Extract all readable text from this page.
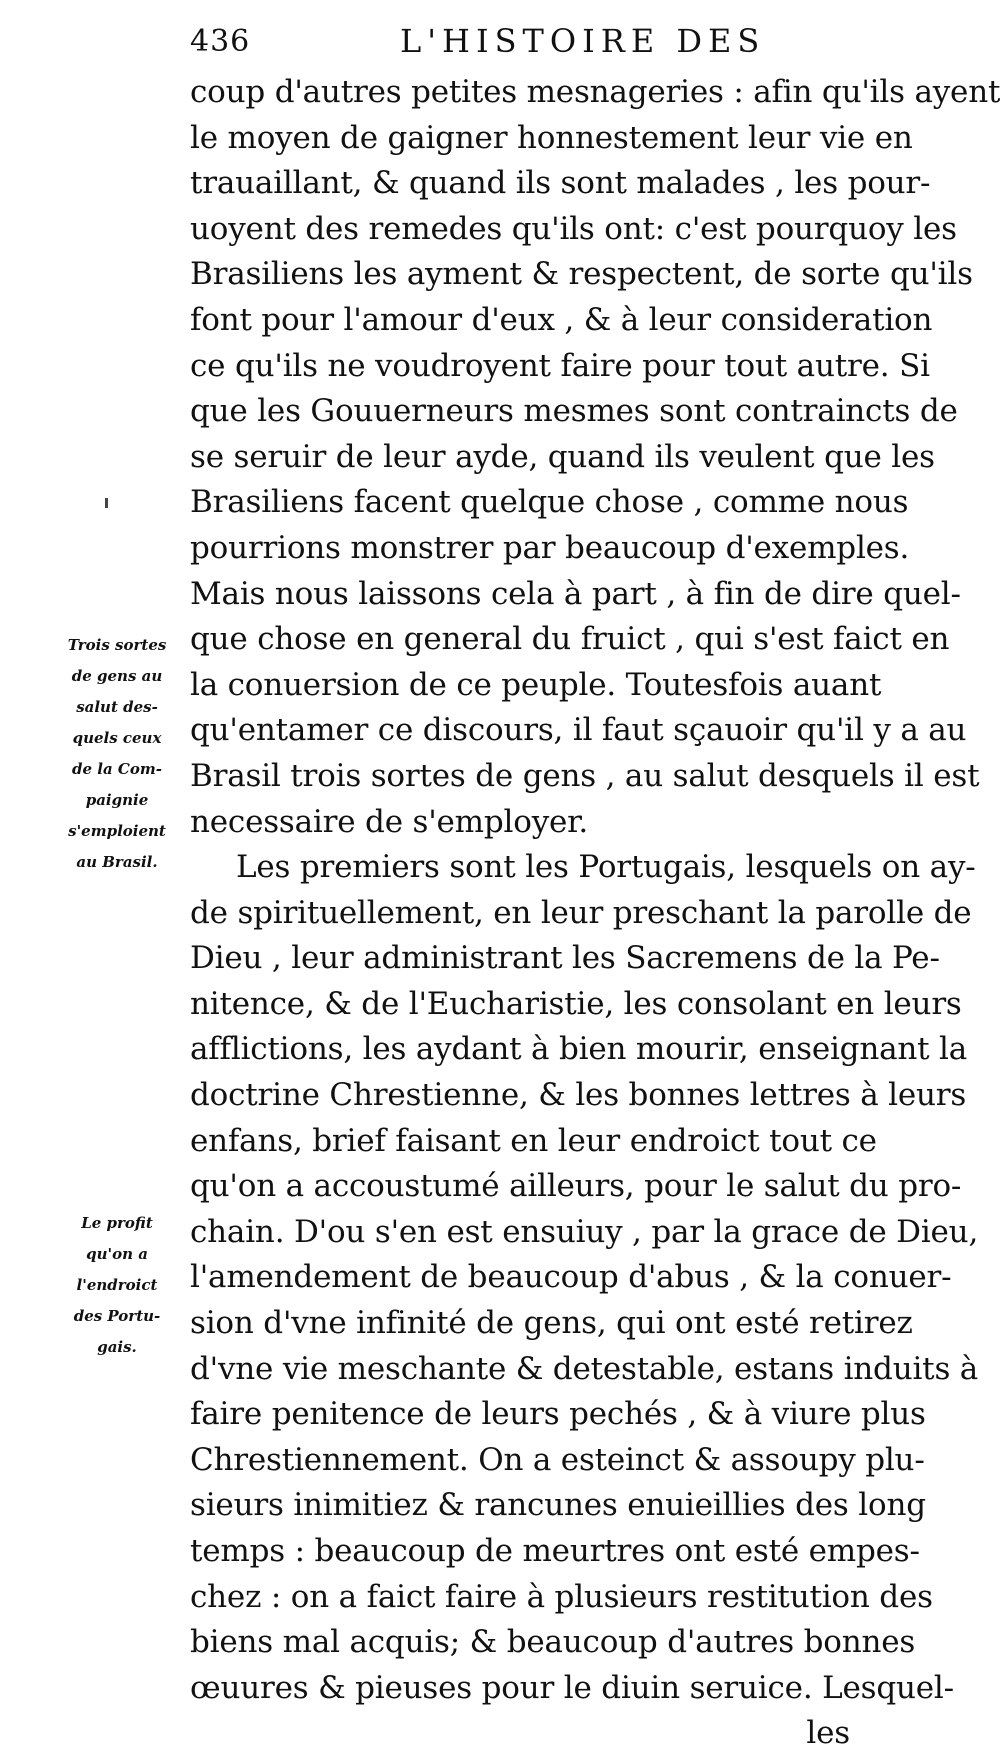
436	L'HISTOIRE DES
coup d'autres petites mesnageries : afin qu'ils ayent
le moyen de gaigner honnestement leur vie en
trauaillant, & quand ils sont malades , les pour-
uoyent des remedes qu'ils ont: c'est pourquoy les
Brasiliens les ayment & respectent, de sorte qu'ils
font pour l'amour d'eux , & à leur consideration
ce qu'ils ne voudroyent faire pour tout autre. Si
que les Gouuerneurs mesmes sont contraincts de
se seruir de leur ayde, quand ils veulent que les
Brasiliens facent quelque chose , comme nous
pourrions monstrer par beaucoup d'exemples.
Mais nous laissons cela à part , à fin de dire quel-
que chose en general du fruict , qui s'est faict en
la conuersion de ce peuple. Toutesfois auant
qu'entamer ce discours, il faut sçauoir qu'il y a au
Brasil trois sortes de gens , au salut desquels il est
necessaire de s'employer.
Les premiers sont les Portugais, lesquels on ay-
de spirituellement, en leur preschant la parolle de
Dieu , leur administrant les Sacremens de la Pe-
nitence, & de l'Eucharistie, les consolant en leurs
afflictions, les aydant à bien mourir, enseignant la
doctrine Chrestienne, & les bonnes lettres à leurs
enfans, brief faisant en leur endroict tout ce
qu'on a accoustumé ailleurs, pour le salut du pro-
chain. D'ou s'en est ensuiuy , par la grace de Dieu,
l'amendement de beaucoup d'abus , & la conuer-
sion d'vne infinité de gens, qui ont esté retirez
d'vne vie meschante & detestable, estans induits à
faire penitence de leurs pechés , & à viure plus
Chrestiennement. On a esteinct & assoupy plu-
sieurs inimitiez & rancunes enuieillies des long
temps : beaucoup de meurtres ont esté empes-
chez : on a faict faire à plusieurs restitution des
biens mal acquis; & beaucoup d'autres bonnes
œuures & pieuses pour le diuin seruice. Lesquel-
les
Trois sortes
de gens au
salut des-
quels ceux
de la Com-
paignie
s'emploient
au Brasil.
Le profit
qu'on a
l'endroict
des Portu-
gais.
